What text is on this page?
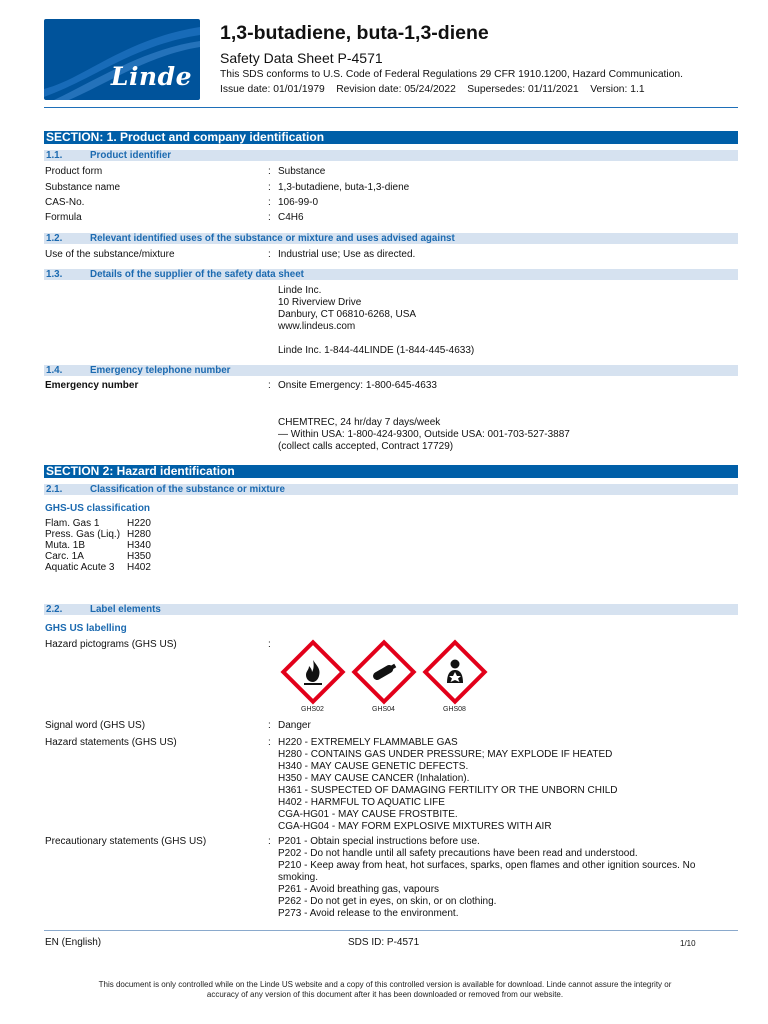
Linde
1,3-butadiene, buta-1,3-diene
Safety Data Sheet P-4571
This SDS conforms to U.S. Code of Federal Regulations 29 CFR 1910.1200, Hazard Communication.
Issue date: 01/01/1979    Revision date: 05/24/2022    Supersedes: 01/11/2021    Version: 1.1
SECTION: 1. Product and company identification
1.1.	Product identifier
Product form	: Substance
Substance name	: 1,3-butadiene, buta-1,3-diene
CAS-No.	: 106-99-0
Formula	: C4H6
1.2.	Relevant identified uses of the substance or mixture and uses advised against
Use of the substance/mixture	: Industrial use; Use as directed.
1.3.	Details of the supplier of the safety data sheet
Linde Inc.
10 Riverview Drive
Danbury, CT 06810-6268, USA
www.lindeus.com
Linde Inc. 1-844-44LINDE (1-844-445-4633)
1.4.	Emergency telephone number
Emergency number	: Onsite Emergency: 1-800-645-4633
CHEMTREC, 24 hr/day 7 days/week
— Within USA: 1-800-424-9300, Outside USA: 001-703-527-3887
(collect calls accepted, Contract 17729)
SECTION 2: Hazard identification
2.1.	Classification of the substance or mixture
GHS-US classification
Flam. Gas 1	H220
Press. Gas (Liq.) H280
Muta. 1B	H340
Carc. 1A	H350
Aquatic Acute 3	H402
2.2.	Label elements
GHS US labelling
Hazard pictograms (GHS US)	:
GHS02	GHS04	GHS08
Signal word (GHS US)	: Danger
Hazard statements (GHS US)	: H220 - EXTREMELY FLAMMABLE GAS
H280 - CONTAINS GAS UNDER PRESSURE; MAY EXPLODE IF HEATED
H340 - MAY CAUSE GENETIC DEFECTS.
H350 - MAY CAUSE CANCER (Inhalation).
H361 - SUSPECTED OF DAMAGING FERTILITY OR THE UNBORN CHILD
H402 - HARMFUL TO AQUATIC LIFE
CGA-HG01 - MAY CAUSE FROSTBITE.
CGA-HG04 - MAY FORM EXPLOSIVE MIXTURES WITH AIR
Precautionary statements (GHS US)	: P201 - Obtain special instructions before use.
P202 - Do not handle until all safety precautions have been read and understood.
P210 - Keep away from heat, hot surfaces, sparks, open flames and other ignition sources. No
smoking.
P261 - Avoid breathing gas, vapours
P262 - Do not get in eyes, on skin, or on clothing.
P273 - Avoid release to the environment.
EN (English)	SDS ID: P-4571	1/10
This document is only controlled while on the Linde US website and a copy of this controlled version is available for download. Linde cannot assure the integrity or
accuracy of any version of this document after it has been downloaded or removed from our website.
